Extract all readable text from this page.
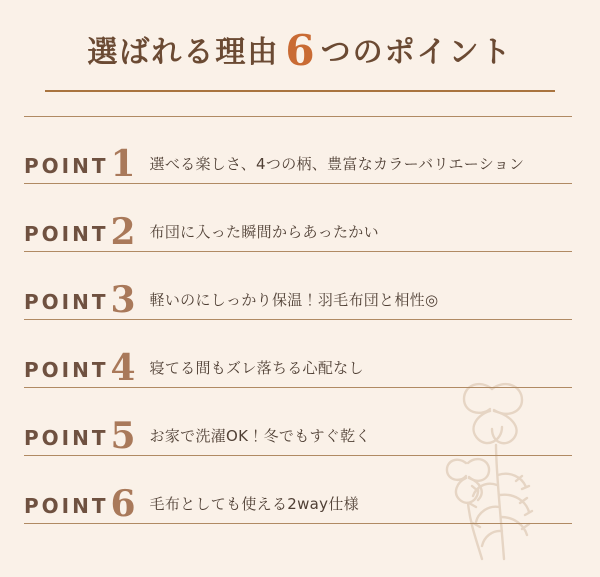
選ばれる理由 6 つのポイント
POINT 1 選べる楽しさ、4つの柄、豊富なカラーバリエーション
POINT 2 布団に入った瞬間からあったかい
POINT 3 軽いのにしっかり保温！羽毛布団と相性◎
POINT 4 寝てる間もズレ落ちる心配なし
POINT 5 お家で洗濯OK！冬でもすぐ乾く
POINT 6 毛布としても使える2way仕様
